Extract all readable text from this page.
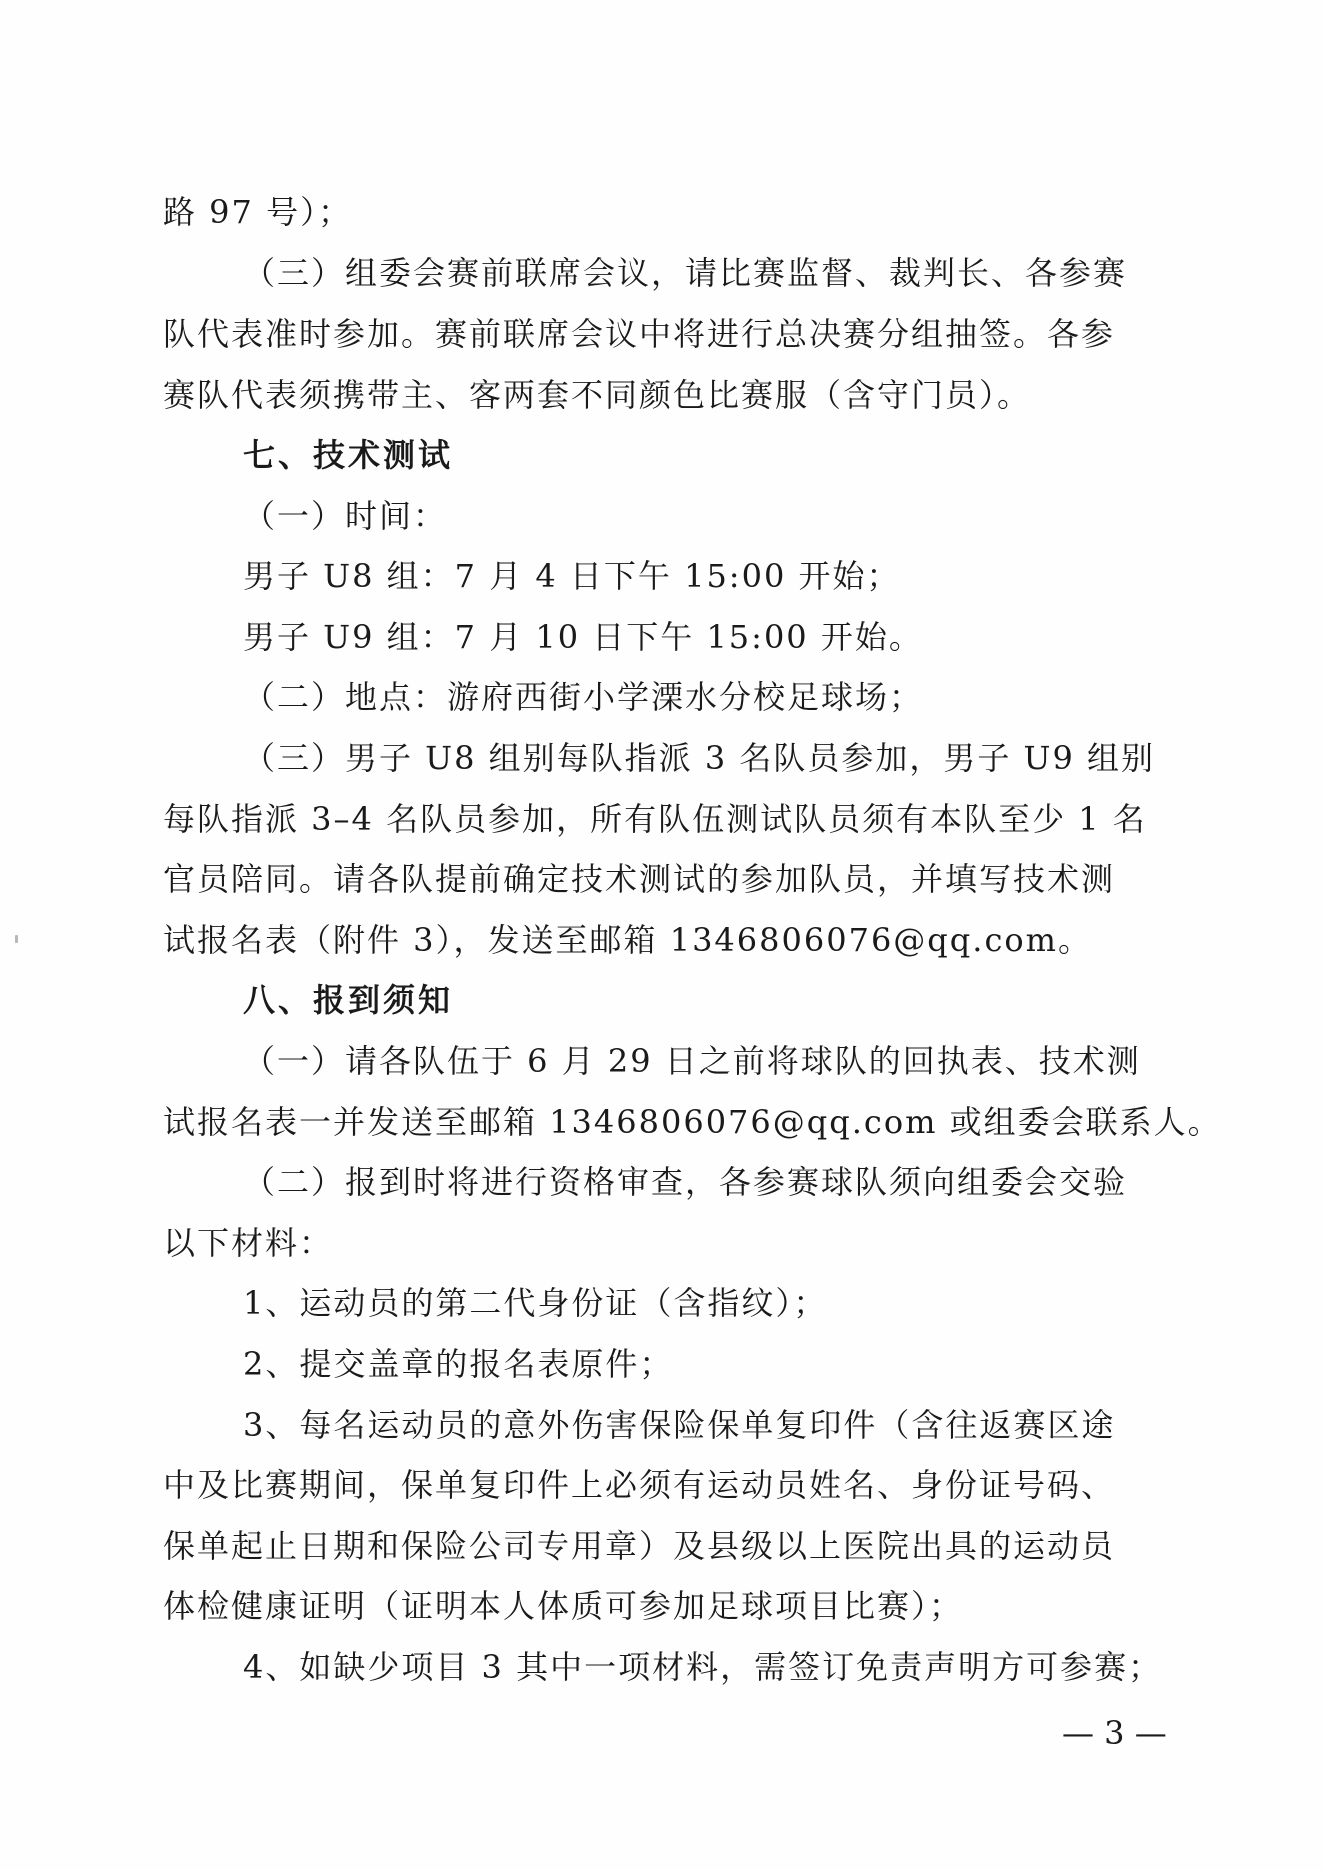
路 97 号）；
（三）组委会赛前联席会议，请比赛监督、裁判长、各参赛
队代表准时参加。赛前联席会议中将进行总决赛分组抽签。各参
赛队代表须携带主、客两套不同颜色比赛服（含守门员）。
七、技术测试
（一）时间：
男子 U8 组：7 月 4 日下午 15:00 开始；
男子 U9 组：7 月 10 日下午 15:00 开始。
（二）地点：游府西街小学溧水分校足球场；
（三）男子 U8 组别每队指派 3 名队员参加，男子 U9 组别
每队指派 3–4 名队员参加，所有队伍测试队员须有本队至少 1 名
官员陪同。请各队提前确定技术测试的参加队员，并填写技术测
试报名表（附件 3），发送至邮箱 1346806076@qq.com。
八、报到须知
（一）请各队伍于 6 月 29 日之前将球队的回执表、技术测
试报名表一并发送至邮箱 1346806076@qq.com 或组委会联系人。
（二）报到时将进行资格审查，各参赛球队须向组委会交验
以下材料：
1、运动员的第二代身份证（含指纹）；
2、提交盖章的报名表原件；
3、每名运动员的意外伤害保险保单复印件（含往返赛区途
中及比赛期间，保单复印件上必须有运动员姓名、身份证号码、
保单起止日期和保险公司专用章）及县级以上医院出具的运动员
体检健康证明（证明本人体质可参加足球项目比赛）；
4、如缺少项目 3 其中一项材料，需签订免责声明方可参赛；
— 3 —
